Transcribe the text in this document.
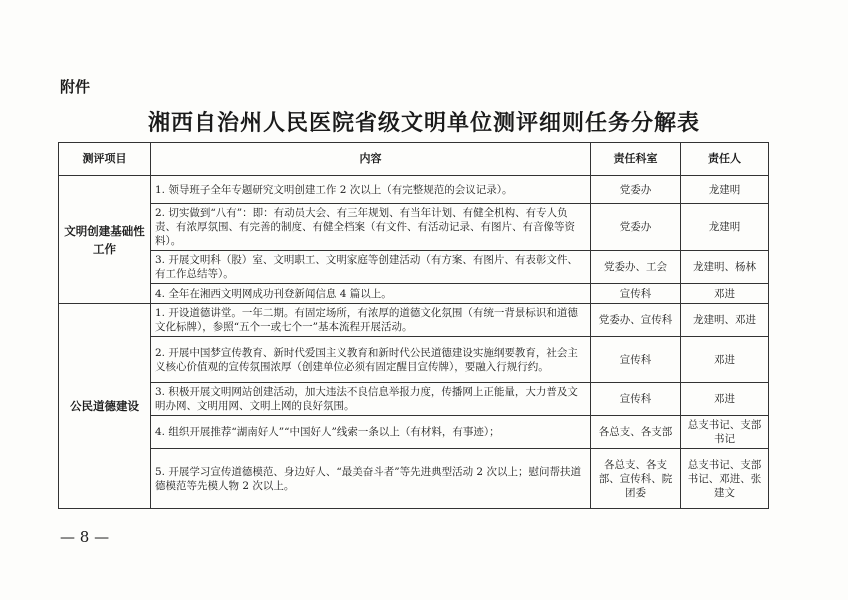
附件
湘西自治州人民医院省级文明单位测评细则任务分解表
测评项目	内容	责任科室	责任人
文明创建基础性工作	1. 领导班子全年专题研究文明创建工作 2 次以上（有完整规范的会议记录）。	党委办	龙建明
	2. 切实做到“八有”：即：有动员大会、有三年规划、有当年计划、有健全机构、有专人负责、有浓厚氛围、有完善的制度、有健全档案（有文件、有活动记录、有图片、有音像等资料）。	党委办	龙建明
	3. 开展文明科（股）室、文明职工、文明家庭等创建活动（有方案、有图片、有表彰文件、有工作总结等）。	党委办、工会	龙建明、杨林
	4. 全年在湘西文明网成功刊登新闻信息 4 篇以上。	宣传科	邓进
公民道德建设	1. 开设道德讲堂。一年二期。有固定场所，有浓厚的道德文化氛围（有统一背景标识和道德文化标牌），参照“五个一或七个一”基本流程开展活动。	党委办、宣传科	龙建明、邓进
	2. 开展中国梦宣传教育、新时代爱国主义教育和新时代公民道德建设实施纲要教育，社会主义核心价值观的宣传氛围浓厚（创建单位必须有固定醒目宣传牌），要融入行规行约。	宣传科	邓进
	3. 积极开展文明网站创建活动，加大违法不良信息举报力度，传播网上正能量，大力普及文明办网、文明用网、文明上网的良好氛围。	宣传科	邓进
	4. 组织开展推荐“湖南好人”“中国好人”线索一条以上（有材料，有事迹）；	各总支、各支部	总支书记、支部书记
	5. 开展学习宣传道德模范、身边好人、“最美奋斗者”等先进典型活动 2 次以上；慰问帮扶道德模范等先模人物 2 次以上。	各总支、各支部、宣传科、院团委	总支书记、支部书记、邓进、张建文
— 8 —
